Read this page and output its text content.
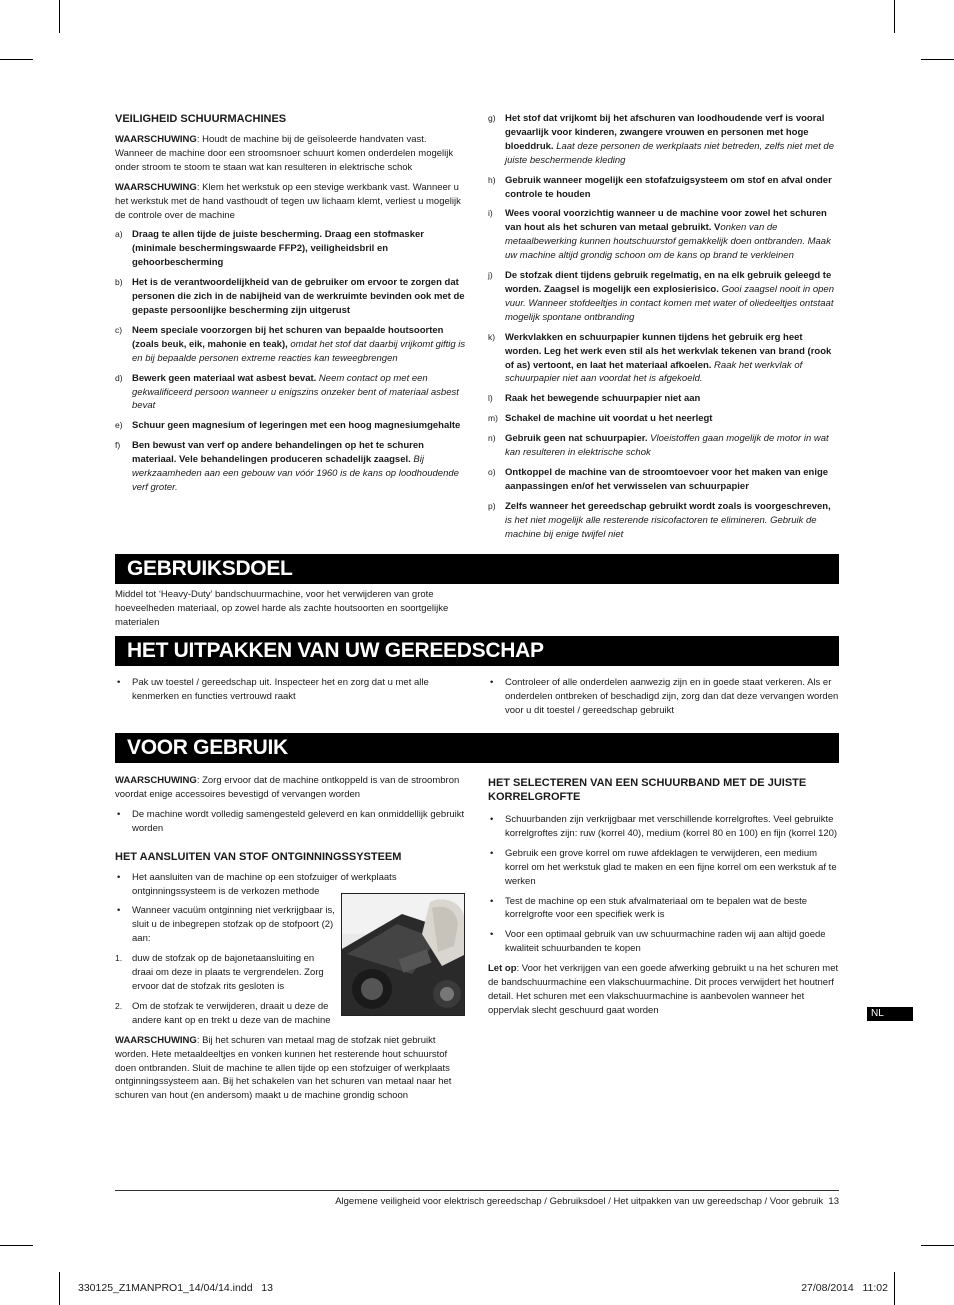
VEILIGHEID SCHUURMACHINES

WAARSCHUWING: Houdt de machine bij de geïsoleerde handvaten vast. Wanneer de machine door een stroomsnoer schuurt komen onderdelen mogelijk onder stroom te stoom te staan wat kan resulteren in elektrische schok

WAARSCHUWING: Klem het werkstuk op een stevige werkbank vast. Wanneer u het werkstuk met de hand vasthoudt of tegen uw lichaam klemt, verliest u mogelijk de controle over de machine

a) Draag te allen tijde de juiste bescherming. Draag een stofmasker (minimale beschermingswaarde FFP2), veiligheidsbril en gehoorbescherming
b) Het is de verantwoordelijkheid van de gebruiker om ervoor te zorgen dat personen die zich in de nabijheid van de werkruimte bevinden ook met de gepaste persoonlijke bescherming zijn uitgerust
c) Neem speciale voorzorgen bij het schuren van bepaalde houtsoorten (zoals beuk, eik, mahonie en teak), omdat het stof dat daarbij vrijkomt giftig is en bij bepaalde personen extreme reacties kan teweegbrengen
d) Bewerk geen materiaal wat asbest bevat. Neem contact op met een gekwalificeerd persoon wanneer u enigszins onzeker bent of materiaal asbest bevat
e) Schuur geen magnesium of legeringen met een hoog magnesiumgehalte
f) Ben bewust van verf op andere behandelingen op het te schuren materiaal. Vele behandelingen produceren schadelijk zaagsel. Bij werkzaamheden aan een gebouw van vóór 1960 is de kans op loodhoudende verf groter.
g) Het stof dat vrijkomt bij het afschuren van loodhoudende verf is vooral gevaarlijk voor kinderen, zwangere vrouwen en personen met hoge bloeddruk. Laat deze personen de werkplaats niet betreden, zelfs niet met de juiste beschermende kleding
h) Gebruik wanneer mogelijk een stofafzuigsysteem om stof en afval onder controle te houden
i) Wees vooral voorzichtig wanneer u de machine voor zowel het schuren van hout als het schuren van metaal gebruikt. Vonken van de metaalbewerking kunnen houtschuurstof gemakkelijk doen ontbranden. Maak uw machine altijd grondig schoon om de kans op brand te verkleinen
j) De stofzak dient tijdens gebruik regelmatig, en na elk gebruik geleegd te worden. Zaagsel is mogelijk een explosierisico. Gooi zaagsel nooit in open vuur. Wanneer stofdeeltjes in contact komen met water of oliedeeltjes ontstaat mogelijk spontane ontbranding
k) Werkvlakken en schuurpapier kunnen tijdens het gebruik erg heet worden. Leg het werk even stil als het werkvlak tekenen van brand (rook of as) vertoont, en laat het materiaal afkoelen. Raak het werkvlak of schuurpapier niet aan voordat het is afgekoeld.
l) Raak het bewegende schuurpapier niet aan
m) Schakel de machine uit voordat u het neerlegt
n) Gebruik geen nat schuurpapier. Vloeistoffen gaan mogelijk de motor in wat kan resulteren in elektrische schok
o) Ontkoppel de machine van de stroomtoevoer voor het maken van enige aanpassingen en/of het verwisselen van schuurpapier
p) Zelfs wanneer het gereedschap gebruikt wordt zoals is voorgeschreven, is het niet mogelijk alle resterende risicofactoren te elimineren. Gebruik de machine bij enige twijfel niet
GEBRUIKSDOEL

Middel tot ‘Heavy-Duty’ bandschuurmachine, voor het verwijderen van grote hoeveelheden materiaal, op zowel harde als zachte houtsoorten en soortgelijke materialen

HET UITPAKKEN VAN UW GEREEDSCHAP
• Pak uw toestel / gereedschap uit. Inspecteer het en zorg dat u met alle kenmerken en functies vertrouwd raakt
• Controleer of alle onderdelen aanwezig zijn en in goede staat verkeren. Als er onderdelen ontbreken of beschadigd zijn, zorg dan dat deze vervangen worden voor u dit toestel / gereedschap gebruikt
VOOR GEBRUIK

WAARSCHUWING: Zorg ervoor dat de machine ontkoppeld is van de stroombron voordat enige accessoires bevestigd of vervangen worden

• De machine wordt volledig samengesteld geleverd en kan onmiddellijk gebruikt worden
HET AANSLUITEN VAN STOF ONTGINNINGSSYSTEEM
• Het aansluiten van de machine op een stofzuiger of werkplaats ontginningssysteem is de verkozen methode
• Wanneer vacuüm ontginning niet verkrijgbaar is, sluit u de inbegrepen stofzak op de stofpoort (2) aan:
1. duw de stofzak op de bajonetaansluiting en draai om deze in plaats te vergrendelen. Zorg ervoor dat de stofzak rits gesloten is
2. Om de stofzak te verwijderen, draait u deze de andere kant op en trekt u deze van de machine

WAARSCHUWING: Bij het schuren van metaal mag de stofzak niet gebruikt worden. Hete metaaldeeltjes en vonken kunnen het resterende hout schuurstof doen ontbranden. Sluit de machine te allen tijde op een stofzuiger of werkplaats ontginningssysteem aan. Bij het schakelen van het schuren van metaal naar het schuren van hout (en andersom) maakt u de machine grondig schoon

HET SELECTEREN VAN EEN SCHUURBAND MET DE JUISTE KORRELGROFTE
• Schuurbanden zijn verkrijgbaar met verschillende korrelgroftes. Veel gebruikte korrelgroftes zijn: ruw (korrel 40), medium (korrel 80 en 100) en fijn (korrel 120)
• Gebruik een grove korrel om ruwe afdeklagen te verwijderen, een medium korrel om het werkstuk glad te maken en een fijne korrel om een werkstuk af te werken
• Test de machine op een stuk afvalmateriaal om te bepalen wat de beste korrelgrofte voor een specifiek werk is
• Voor een optimaal gebruik van uw schuurmachine raden wij aan altijd goede kwaliteit schuurbanden te kopen

Let op: Voor het verkrijgen van een goede afwerking gebruikt u na het schuren met de bandschuurmachine een vlakschuurmachine. Dit proces verwijdert het houtnerf detail. Het schuren met een vlakschuurmachine is aanbevolen wanneer het oppervlak slecht geschuurd gaat worden	NL
Algemene veiligheid voor elektrisch gereedschap / Gebruiksdoel / Het uitpakken van uw gereedschap / Voor gebruik 13
330125_Z1MANPRO1_14/04/14.indd   13	27/08/2014   11:02
